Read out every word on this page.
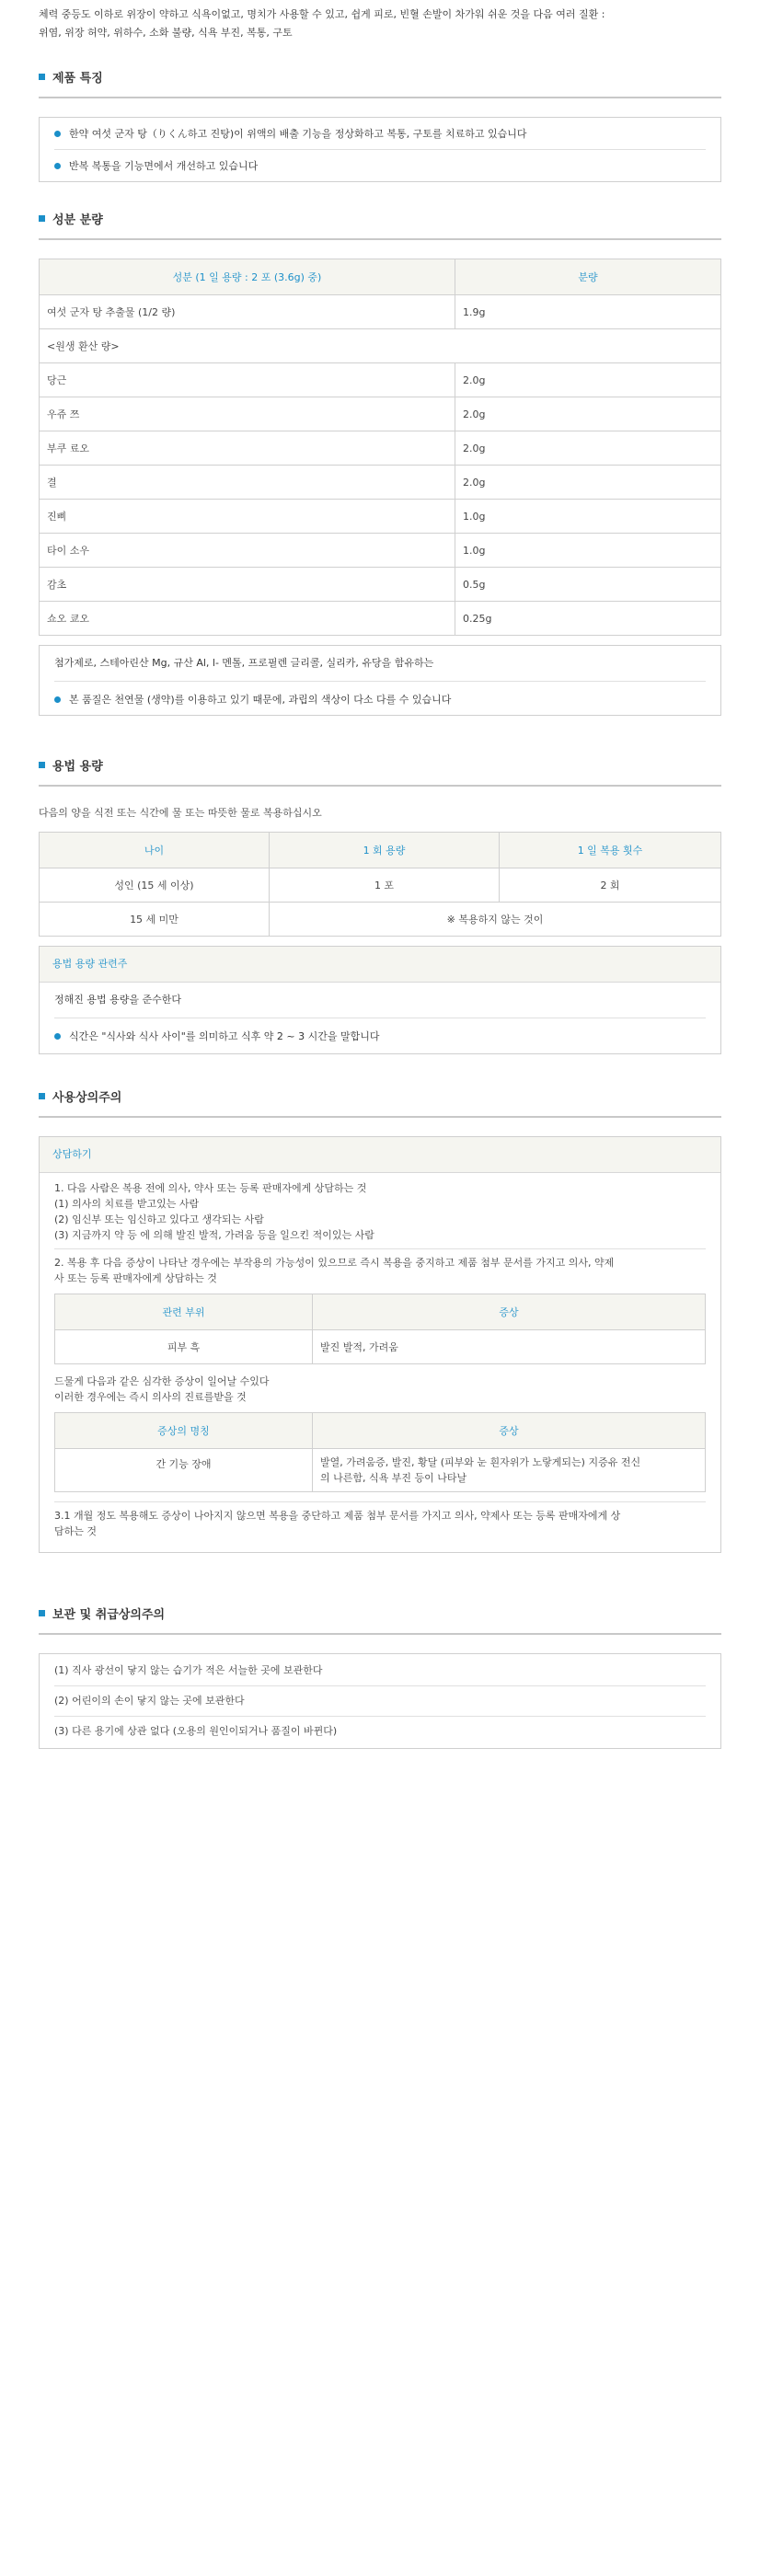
체력 중등도 이하로 위장이 약하고 식욕이없고, 명치가 사용할 수 있고, 쉽게 피로, 빈혈 손발이 차가워 쉬운 것을 다음 여러 질환 :
위염, 위장 허약, 위하수, 소화 불량, 식욕 부진, 복통, 구토
제품 특징
한약 여섯 군자 탕（りくん하고 진탕)이 위액의 배출 기능을 정상화하고 복통, 구토를 치료하고 있습니다
반복 복통을 기능면에서 개선하고 있습니다
성분 분량
성분 (1 일 용량 : 2 포 (3.6g) 중)	분량
여섯 군자 탕 추출물 (1/2 량)	1.9g
<원생 환산 량>	
당근	2.0g
우쥬 쯔	2.0g
부쿠 료오	2.0g
결	2.0g
진삐	1.0g
타이 소우	1.0g
감초	0.5g
쇼오 쿄오	0.25g
첨가제로, 스테아린산 Mg, 규산 Al, l- 멘톨, 프로필렌 글리콜, 실리카, 유당을 함유하는
본 품질은 천연물 (생약)를 이용하고 있기 때문에, 과립의 색상이 다소 다를 수 있습니다
용법 용량
다음의 양을 식전 또는 식간에 물 또는 따뜻한 물로 복용하십시오
나이	1 회 용량	1 일 복용 횟수
성인 (15 세 이상)	1 포	2 회
15 세 미만	※ 복용하지 않는 것이	
용법 용량 관련주
정해진 용법 용량을 준수한다
식간은 "식사와 식사 사이"를 의미하고 식후 약 2 ~ 3 시간을 말합니다
사용상의주의
상담하기
1. 다음 사람은 복용 전에 의사, 약사 또는 등록 판매자에게 상담하는 것
(1) 의사의 치료를 받고있는 사람
(2) 임신부 또는 임신하고 있다고 생각되는 사람
(3) 지금까지 약 등 에 의해 발진 발적, 가려움 등을 일으킨 적이있는 사람
2. 복용 후 다음 증상이 나타난 경우에는 부작용의 가능성이 있으므로 즉시 복용을 중지하고 제품 첨부 문서를 가지고 의사, 약제
사 또는 등록 판매자에게 상담하는 것
관련 부위	증상
피부 흑	발진 발적, 가려움
드물게 다음과 같은 심각한 증상이 일어날 수있다
이러한 경우에는 즉시 의사의 진료를받을 것
증상의 명칭	증상
간 기능 장애	발열, 가려움증, 발진, 황달 (피부와 눈 흰자위가 노랗게되는) 지증유 전신
의 나른함, 식욕 부진 등이 나타날
3.1 개월 정도 복용해도 증상이 나아지지 않으면 복용을 중단하고 제품 첨부 문서를 가지고 의사, 약제사 또는 등록 판매자에게 상
담하는 것
보관 및 취급상의주의
(1) 직사 광선이 닿지 않는 습기가 적은 서늘한 곳에 보관한다
(2) 어린이의 손이 닿지 않는 곳에 보관한다
(3) 다른 용기에 상관 없다 (오용의 원인이되거나 품질이 바뀐다)
